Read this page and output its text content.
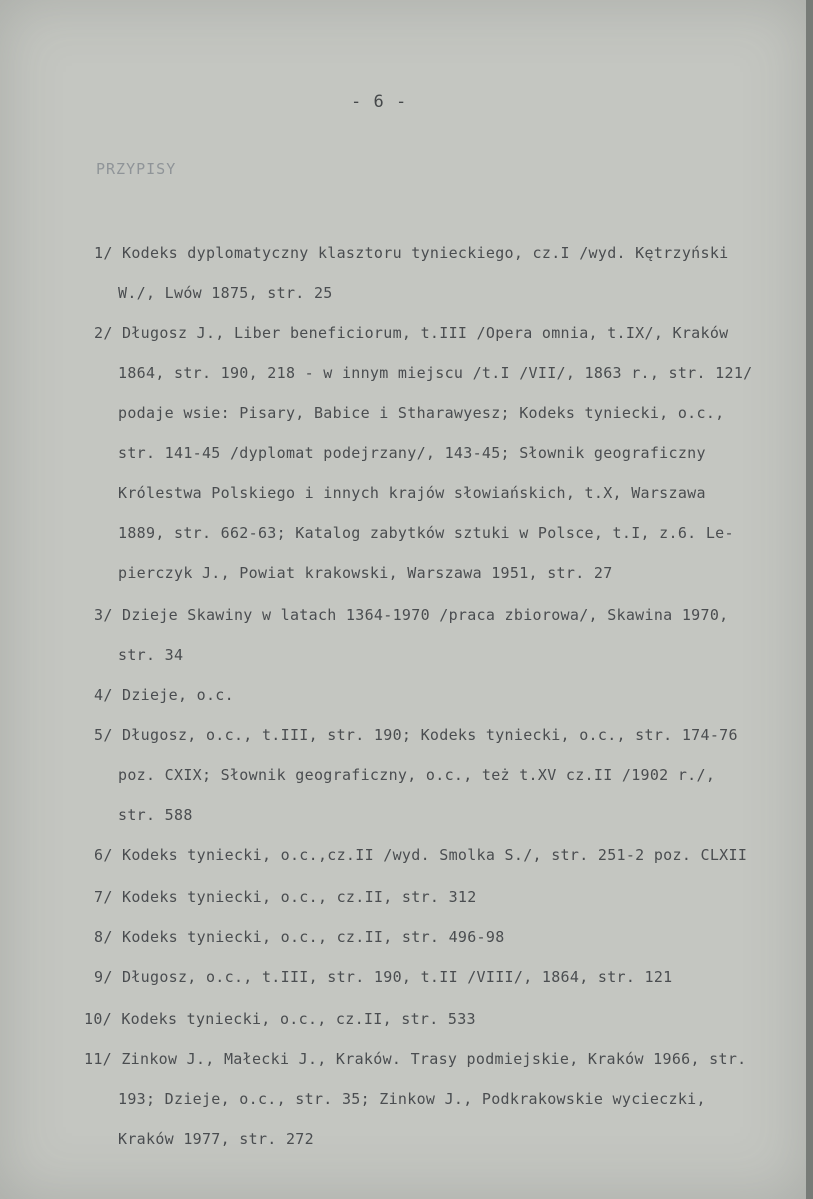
- 6 -
PRZYPISY
1/ Kodeks dyplomatyczny klasztoru tynieckiego, cz.I /wyd. Kętrzyński
W./, Lwów 1875, str. 25
2/ Długosz J., Liber beneficiorum, t.III /Opera omnia, t.IX/, Kraków
1864, str. 190, 218 - w innym miejscu /t.I /VII/, 1863 r., str. 121/
podaje wsie: Pisary, Babice i Stharawyesz; Kodeks tyniecki, o.c.,
str. 141-45 /dyplomat podejrzany/, 143-45; Słownik geograficzny
Królestwa Polskiego i innych krajów słowiańskich, t.X, Warszawa
1889, str. 662-63; Katalog zabytków sztuki w Polsce, t.I, z.6. Le-
pierczyk J., Powiat krakowski, Warszawa 1951, str. 27
3/ Dzieje Skawiny w latach 1364-1970 /praca zbiorowa/, Skawina 1970,
str. 34
4/ Dzieje, o.c.
5/ Długosz, o.c., t.III, str. 190; Kodeks tyniecki, o.c., str. 174-76
poz. CXIX; Słownik geograficzny, o.c., też t.XV cz.II /1902 r./,
str. 588
6/ Kodeks tyniecki, o.c.,cz.II /wyd. Smolka S./, str. 251-2 poz. CLXII
7/ Kodeks tyniecki, o.c., cz.II, str. 312
8/ Kodeks tyniecki, o.c., cz.II, str. 496-98
9/ Długosz, o.c., t.III, str. 190, t.II /VIII/, 1864, str. 121
10/ Kodeks tyniecki, o.c., cz.II, str. 533
11/ Zinkow J., Małecki J., Kraków. Trasy podmiejskie, Kraków 1966, str.
193; Dzieje, o.c., str. 35; Zinkow J., Podkrakowskie wycieczki,
Kraków 1977, str. 272
